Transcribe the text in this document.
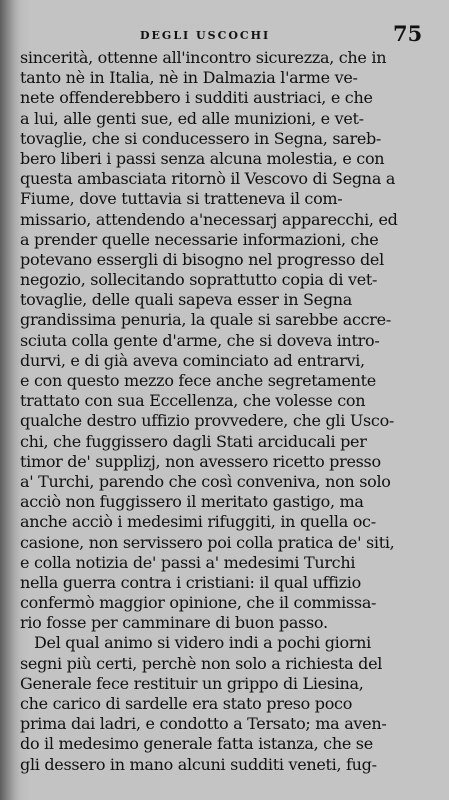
DEGLI USCOCHI	75
sincerità, ottenne all'incontro sicurezza, che in
tanto nè in Italia, nè in Dalmazia l'arme ve-
nete offenderebbero i sudditi austriaci, e che
a lui, alle genti sue, ed alle munizioni, e vet-
tovaglie, che si conducessero in Segna, sareb-
bero liberi i passi senza alcuna molestia, e con
questa ambasciata ritornò il Vescovo di Segna a
Fiume, dove tuttavia si tratteneva il com-
missario, attendendo a'necessarj apparecchi, ed
a prender quelle necessarie informazioni, che
potevano essergli di bisogno nel progresso del
negozio, sollecitando soprattutto copia di vet-
tovaglie, delle quali sapeva esser in Segna
grandissima penuria, la quale si sarebbe accre-
sciuta colla gente d'arme, che si doveva intro-
durvi, e di già aveva cominciato ad entrarvi,
e con questo mezzo fece anche segretamente
trattato con sua Eccellenza, che volesse con
qualche destro uffizio provvedere, che gli Usco-
chi, che fuggissero dagli Stati arciducali per
timor de' supplizj, non avessero ricetto presso
a' Turchi, parendo che così conveniva, non solo
acciò non fuggissero il meritato gastigo, ma
anche acciò i medesimi rifuggiti, in quella oc-
casione, non servissero poi colla pratica de' siti,
e colla notizia de' passi a' medesimi Turchi
nella guerra contra i cristiani: il qual uffizio
confermò maggior opinione, che il commissa-
rio fosse per camminare di buon passo.
Del qual animo si videro indi a pochi giorni
segni più certi, perchè non solo a richiesta del
Generale fece restituir un grippo di Liesina,
che carico di sardelle era stato preso poco
prima dai ladri, e condotto a Tersato; ma aven-
do il medesimo generale fatta istanza, che se
gli dessero in mano alcuni sudditi veneti, fug-
